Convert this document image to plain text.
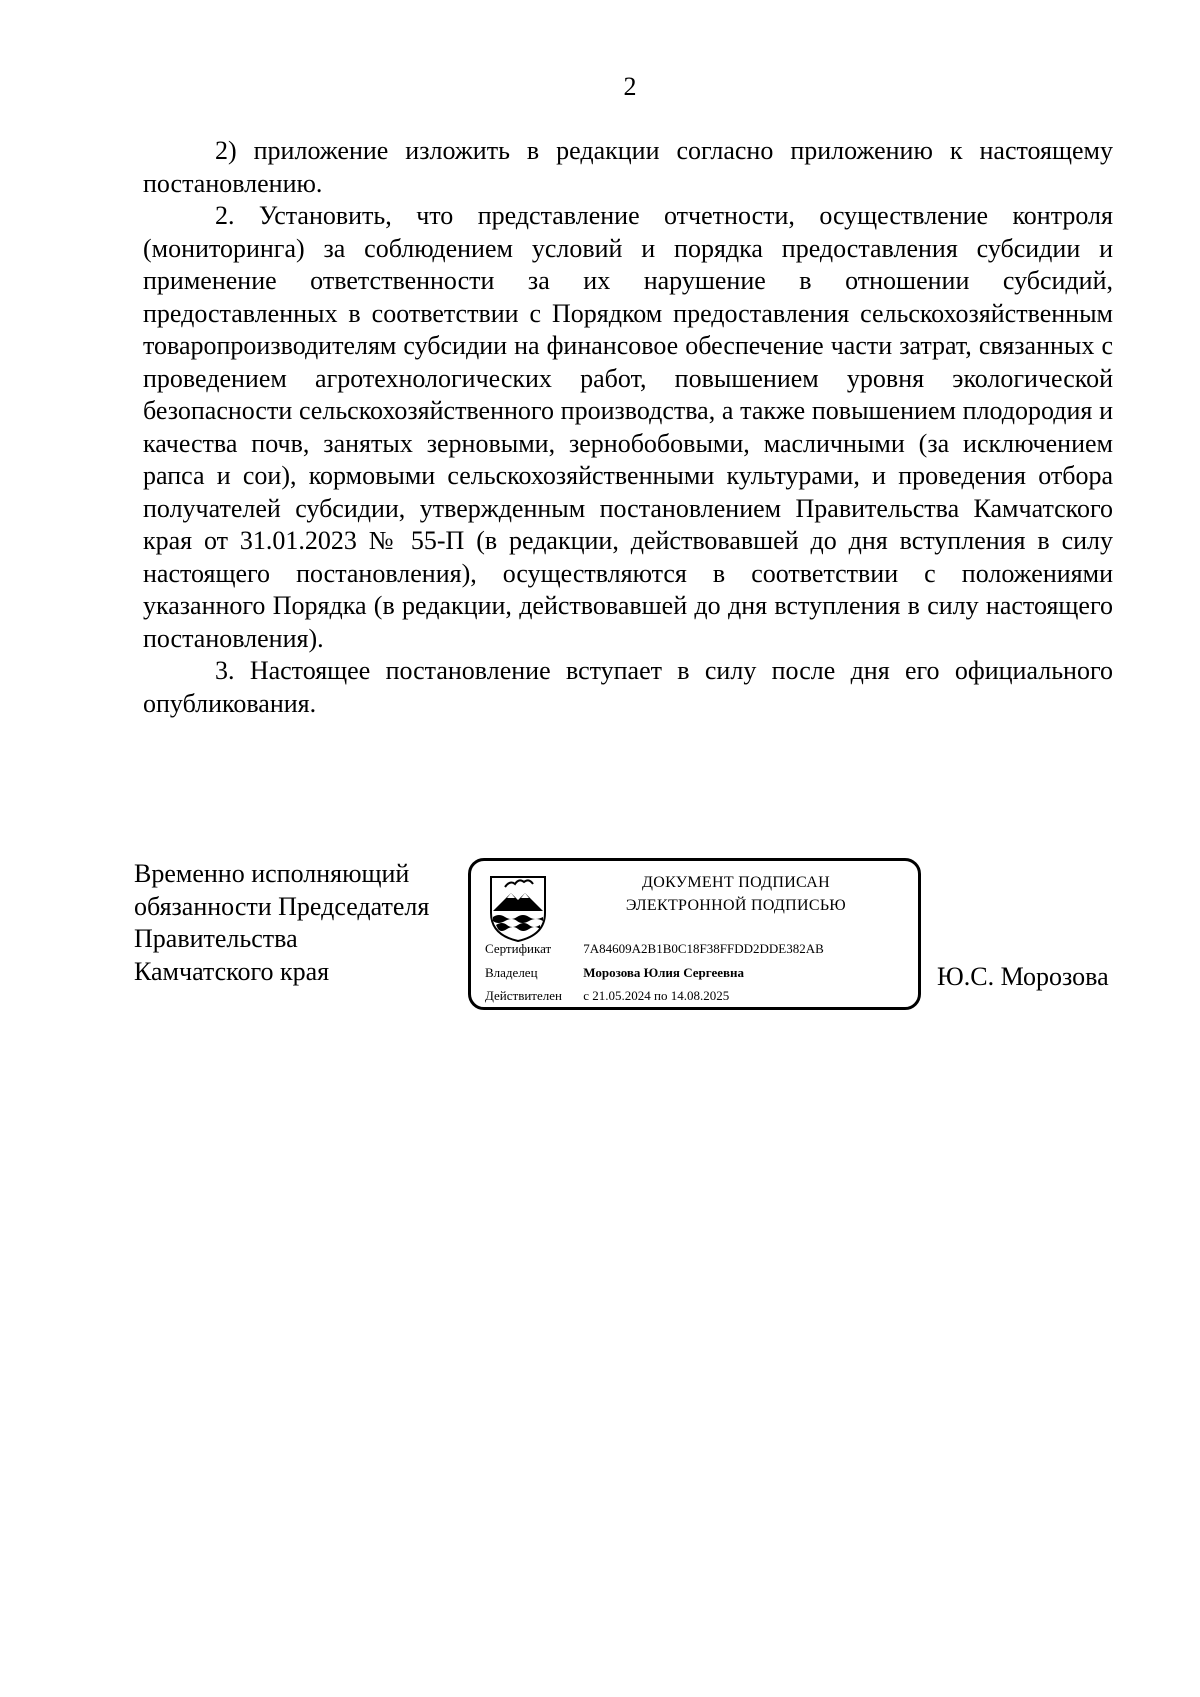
2

2) приложение изложить в редакции согласно приложению к настоящему постановлению.

2. Установить, что представление отчетности, осуществление контроля (мониторинга) за соблюдением условий и порядка предоставления субсидии и применение ответственности за их нарушение в отношении субсидий, предоставленных в соответствии с Порядком предоставления сельскохозяйственным товаропроизводителям субсидии на финансовое обеспечение части затрат, связанных с проведением агротехнологических работ, повышением уровня экологической безопасности сельскохозяйственного производства, а также повышением плодородия и качества почв, занятых зерновыми, зернобобовыми, масличными (за исключением рапса и сои), кормовыми сельскохозяйственными культурами, и проведения отбора получателей субсидии, утвержденным постановлением Правительства Камчатского края от 31.01.2023 № 55-П (в редакции, действовавшей до дня вступления в силу настоящего постановления), осуществляются в соответствии с положениями указанного Порядка (в редакции, действовавшей до дня вступления в силу настоящего постановления).

3. Настоящее постановление вступает в силу после дня его официального опубликования.

Временно исполняющий
обязанности Председателя
Правительства
Камчатского края
ДОКУМЕНТ ПОДПИСАН
ЭЛЕКТРОННОЙ ПОДПИСЬЮ
Сертификат 7A84609A2B1B0C18F38FFDD2DDE382AB
Владелец	Морозова Юлия Сергеевна
Действителен с 21.05.2024 по 14.08.2025
Ю.С. Морозова
